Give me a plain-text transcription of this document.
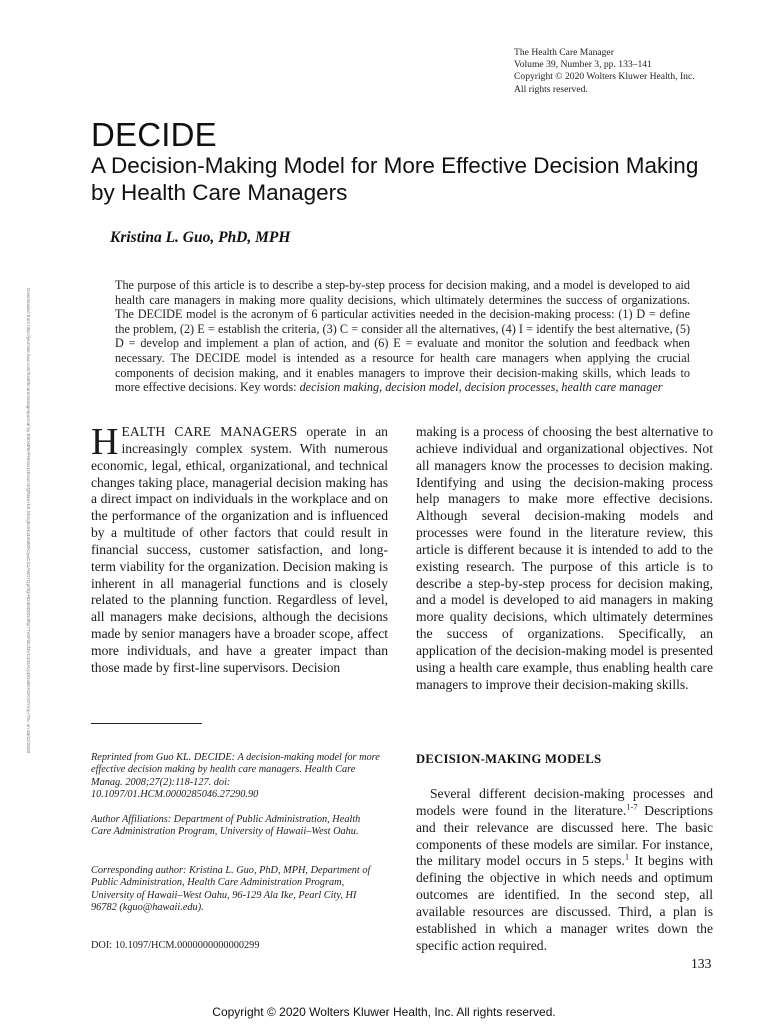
The Health Care Manager
Volume 39, Number 3, pp. 133–141
Copyright © 2020 Wolters Kluwer Health, Inc.
All rights reserved.
DECIDE
A Decision-Making Model for More Effective Decision Making by Health Care Managers
Kristina L. Guo, PhD, MPH
Downloaded from http://journals.lww.com/healthcaremanagerjournal by BhDMf5ePHKav1zEoum1tQfN4a+kJLhEZgbsIHo4XMi0hCywCX1AWnYQp/IlQrHD3i3D0OdRyi7TvSFl4Cf3VC4/OAVpDDa8KKGKV0Ymy+78= on 03/22/2020
The purpose of this article is to describe a step-by-step process for decision making, and a model is developed to aid health care managers in making more quality decisions, which ultimately determines the success of organizations. The DECIDE model is the acronym of 6 particular activities needed in the decision-making process: (1) D = define the problem, (2) E = establish the criteria, (3) C = consider all the alternatives, (4) I = identify the best alternative, (5) D = develop and implement a plan of action, and (6) E = evaluate and monitor the solution and feedback when necessary. The DECIDE model is intended as a resource for health care managers when applying the crucial components of decision making, and it enables managers to improve their decision-making skills, which leads to more effective decisions. Key words: decision making, decision model, decision processes, health care manager
HEALTH CARE MANAGERS operate in an increasingly complex system. With numerous economic, legal, ethical, organizational, and technical changes taking place, managerial decision making has a direct impact on individuals in the workplace and on the performance of the organization and is influenced by a multitude of other factors that could result in financial success, customer satisfaction, and long-term viability for the organization. Decision making is inherent in all managerial functions and is closely related to the planning function. Regardless of level, all managers make decisions, although the decisions made by senior managers have a broader scope, affect more individuals, and have a greater impact than those made by first-line supervisors. Decision

making is a process of choosing the best alternative to achieve individual and organizational objectives. Not all managers know the processes to decision making. Identifying and using the decision-making process help managers to make more effective decisions. Although several decision-making models and processes were found in the literature review, this article is different because it is intended to add to the existing research. The purpose of this article is to describe a step-by-step process for decision making, and a model is developed to aid managers in making more quality decisions, which ultimately determines the success of organizations. Specifically, an application of the decision-making model is presented using a health care example, thus enabling health care managers to improve their decision-making skills.

Reprinted from Guo KL. DECIDE: A decision-making model for more effective decision making by health care managers. Health Care Manag. 2008;27(2):118-127. doi: 10.1097/01.HCM.0000285046.27290.90
Author Affiliations: Department of Public Administration, Health Care Administration Program, University of Hawaii–West Oahu.
Corresponding author: Kristina L. Guo, PhD, MPH, Department of Public Administration, Health Care Administration Program, University of Hawaii–West Oahu, 96-129 Ala Ike, Pearl City, HI 96782 (kguo@hawaii.edu).
DOI: 10.1097/HCM.0000000000000299
DECISION-MAKING MODELS

Several different decision-making processes and models were found in the literature.$^{1-7}$ Descriptions and their relevance are discussed here. The basic components of these models are similar. For instance, the military model occurs in 5 steps.$^1$ It begins with defining the objective in which needs and optimum outcomes are identified. In the second step, all available resources are discussed. Third, a plan is established in which a manager writes down the specific action required.

133
Copyright © 2020 Wolters Kluwer Health, Inc. All rights reserved.
